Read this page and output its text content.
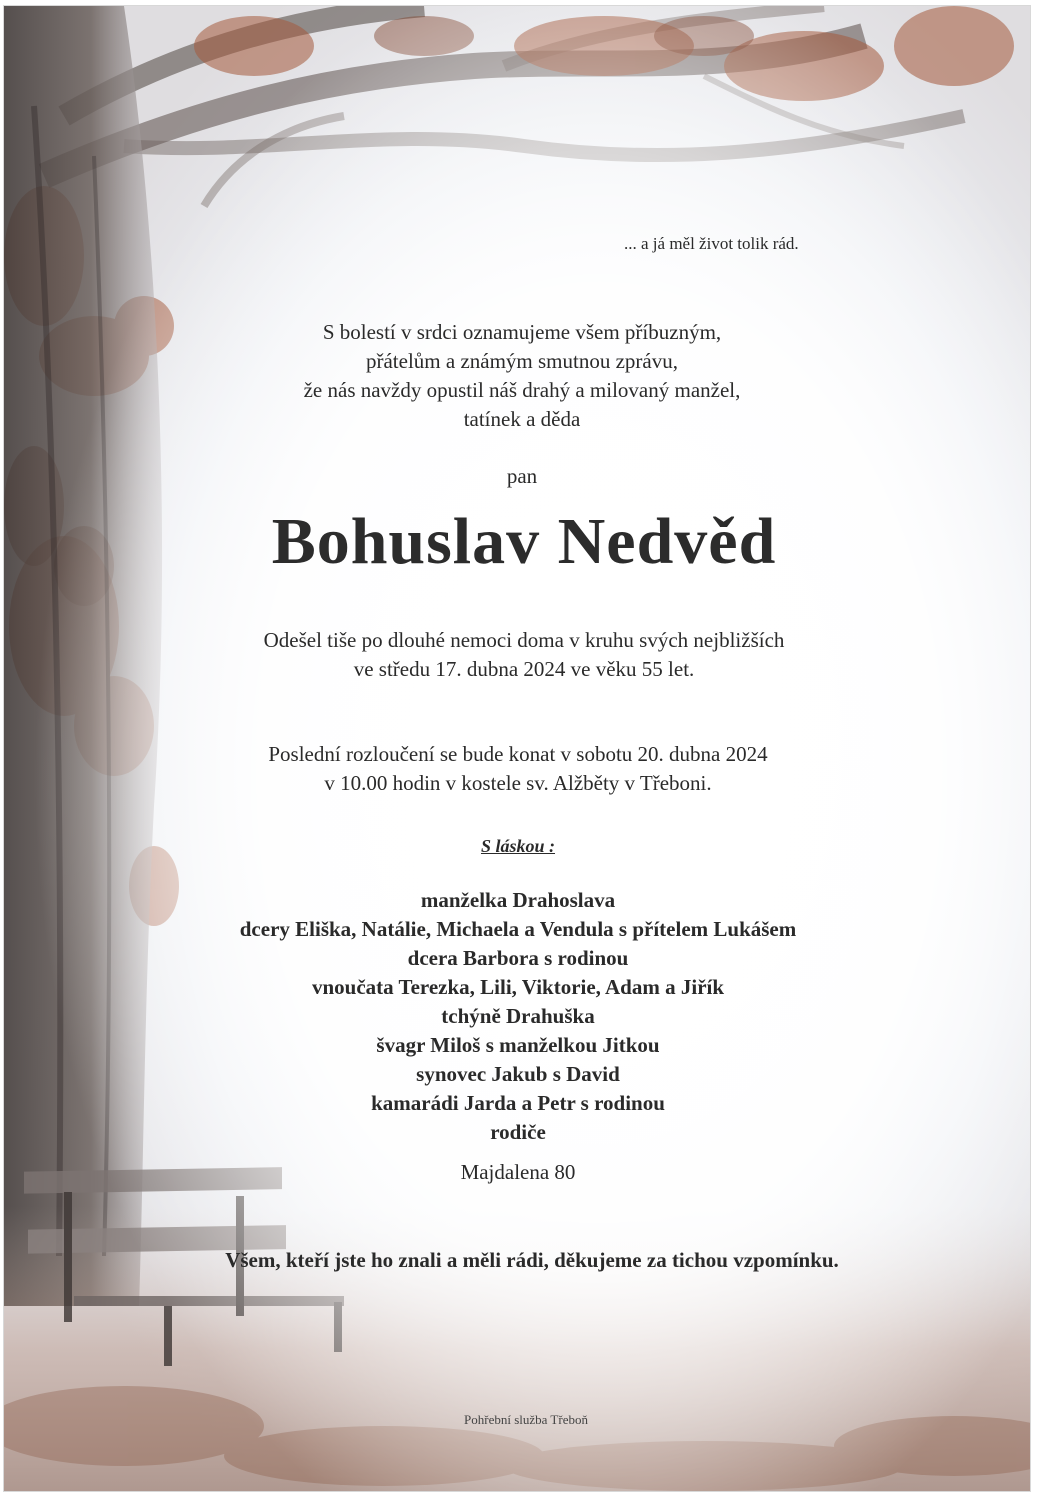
... a já měl život tolik rád.
S bolestí v srdci oznamujeme všem příbuzným,
přátelům a známým smutnou zprávu,
že nás navždy opustil náš drahý a milovaný manžel,
tatínek a děda
pan
Bohuslav Nedvěd
Odešel tiše po dlouhé nemoci doma v kruhu svých nejbližších
ve středu 17. dubna 2024 ve věku 55 let.
Poslední rozloučení se bude konat v sobotu 20. dubna 2024
v 10.00 hodin v kostele sv. Alžběty v Třeboni.
S láskou :
manželka Drahoslava
dcery Eliška, Natálie, Michaela a Vendula s přítelem Lukášem
dcera Barbora s rodinou
vnoučata Terezka, Lili, Viktorie, Adam a Jiřík
tchýně Drahuška
švagr Miloš s manželkou Jitkou
synovec Jakub s David
kamarádi Jarda a Petr s rodinou
rodiče
Majdalena 80
Všem, kteří jste ho znali a měli rádi, děkujeme za tichou vzpomínku.
Pohřební služba Třeboň
